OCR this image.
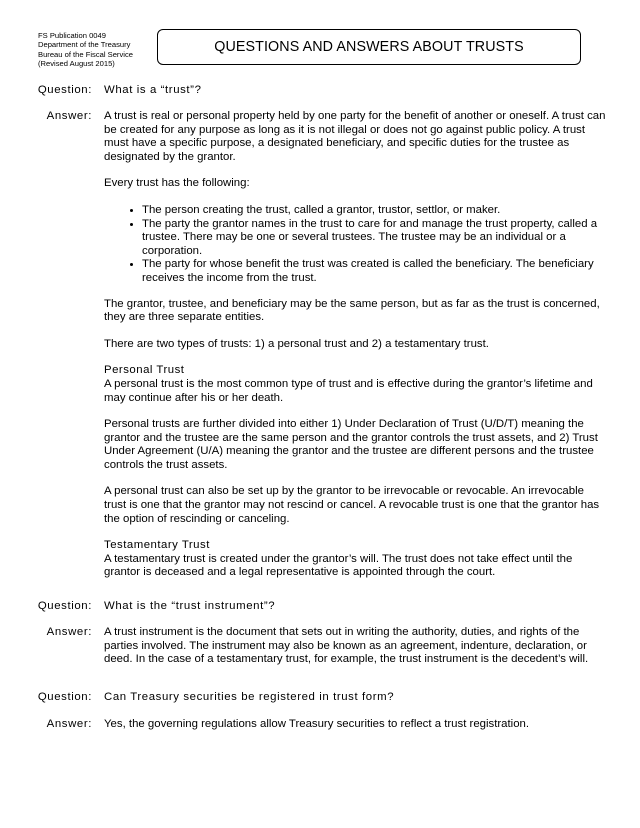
FS Publication 0049
Department of the Treasury
Bureau of the Fiscal Service
(Revised August 2015)
QUESTIONS AND ANSWERS ABOUT TRUSTS
Question: What is a “trust”?
Answer: A trust is real or personal property held by one party for the benefit of another or oneself. A trust can be created for any purpose as long as it is not illegal or does not go against public policy. A trust must have a specific purpose, a designated beneficiary, and specific duties for the trustee as designated by the grantor.

Every trust has the following:

• The person creating the trust, called a grantor, trustor, settlor, or maker.
• The party the grantor names in the trust to care for and manage the trust property, called a trustee. There may be one or several trustees. The trustee may be an individual or a corporation.
• The party for whose benefit the trust was created is called the beneficiary. The beneficiary receives the income from the trust.

The grantor, trustee, and beneficiary may be the same person, but as far as the trust is concerned, they are three separate entities.

There are two types of trusts: 1) a personal trust and 2) a testamentary trust.

Personal Trust
A personal trust is the most common type of trust and is effective during the grantor’s lifetime and may continue after his or her death.

Personal trusts are further divided into either 1) Under Declaration of Trust (U/D/T) meaning the grantor and the trustee are the same person and the grantor controls the trust assets, and 2) Trust Under Agreement (U/A) meaning the grantor and the trustee are different persons and the trustee controls the trust assets.

A personal trust can also be set up by the grantor to be irrevocable or revocable. An irrevocable trust is one that the grantor may not rescind or cancel. A revocable trust is one that the grantor has the option of rescinding or canceling.

Testamentary Trust
A testamentary trust is created under the grantor’s will. The trust does not take effect until the grantor is deceased and a legal representative is appointed through the court.

Question: What is the “trust instrument”?
Answer: A trust instrument is the document that sets out in writing the authority, duties, and rights of the parties involved. The instrument may also be known as an agreement, indenture, declaration, or deed. In the case of a testamentary trust, for example, the trust instrument is the decedent’s will.

Question: Can Treasury securities be registered in trust form?
Answer: Yes, the governing regulations allow Treasury securities to reflect a trust registration.
